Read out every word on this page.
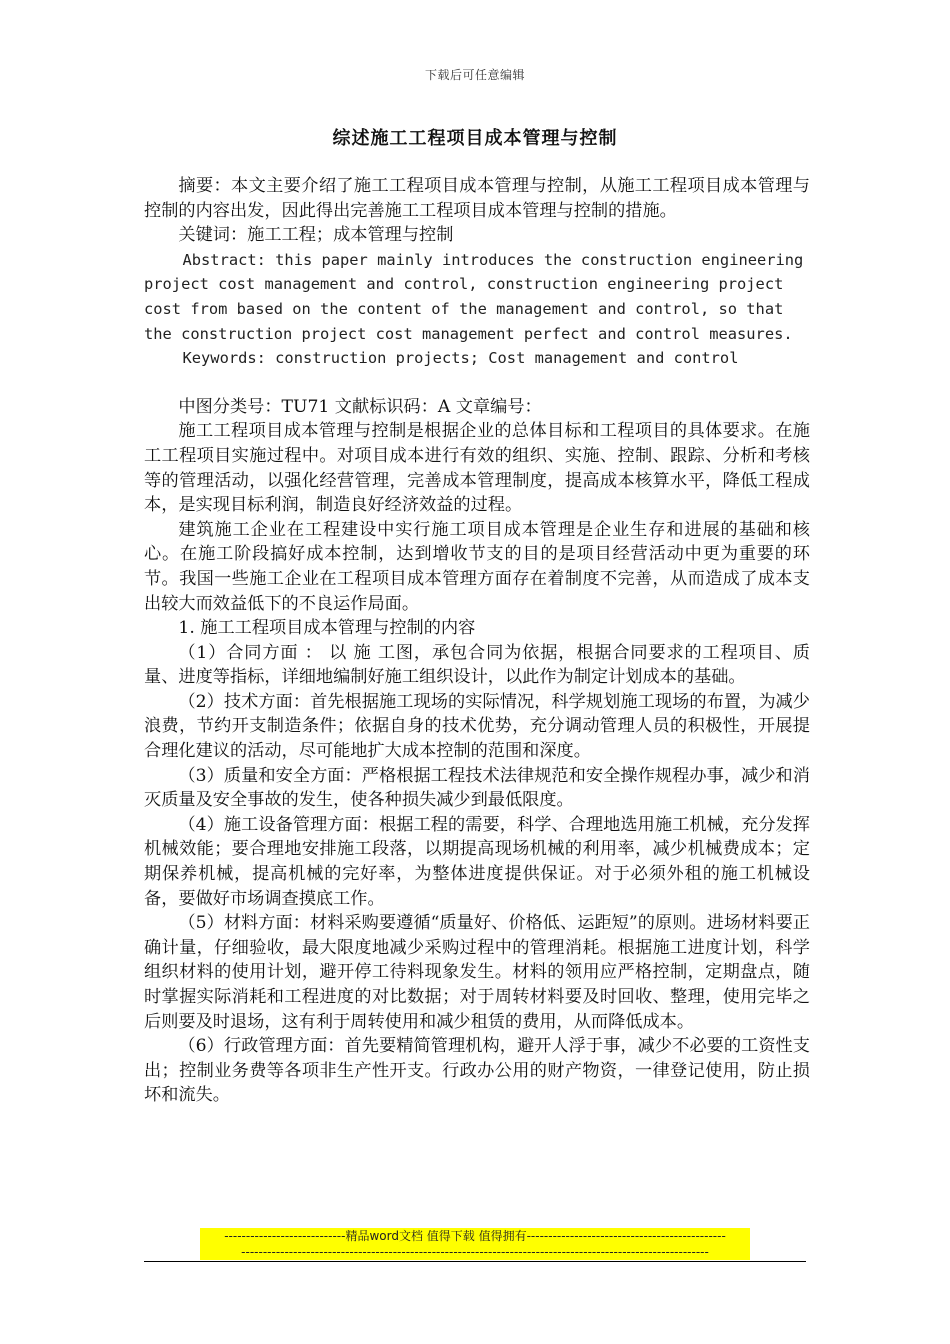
下载后可任意编辑
综述施工工程项目成本管理与控制

摘要：本文主要介绍了施工工程项目成本管理与控制，从施工工程项目成本管理与控制的内容出发，因此得出完善施工工程项目成本管理与控制的措施。

关键词：施工工程；成本管理与控制

Abstract: this paper mainly introduces the construction engineering project cost management and control, construction engineering project cost from based on the content of the management and control, so that the construction project cost management perfect and control measures.

Keywords: construction projects; Cost management and control

中图分类号：TU71 文献标识码：A 文章编号：

施工工程项目成本管理与控制是根据企业的总体目标和工程项目的具体要求。在施工工程项目实施过程中。对项目成本进行有效的组织、实施、控制、跟踪、分析和考核等的管理活动，以强化经营管理，完善成本管理制度，提高成本核算水平，降低工程成本，是实现目标利润，制造良好经济效益的过程。

建筑施工企业在工程建设中实行施工项目成本管理是企业生存和进展的基础和核心。在施工阶段搞好成本控制，达到增收节支的目的是项目经营活动中更为重要的环节。我国一些施工企业在工程项目成本管理方面存在着制度不完善，从而造成了成本支出较大而效益低下的不良运作局面。

1. 施工工程项目成本管理与控制的内容

（1）合同方面 ： 以 施 工图，承包合同为依据，根据合同要求的工程项目、质量、进度等指标，详细地编制好施工组织设计，以此作为制定计划成本的基础。

（2）技术方面：首先根据施工现场的实际情况，科学规划施工现场的布置，为减少浪费，节约开支制造条件；依据自身的技术优势，充分调动管理人员的积极性，开展提合理化建议的活动，尽可能地扩大成本控制的范围和深度。

（3）质量和安全方面：严格根据工程技术法律规范和安全操作规程办事，减少和消灭质量及安全事故的发生，使各种损失减少到最低限度。

（4）施工设备管理方面：根据工程的需要，科学、合理地选用施工机械，充分发挥机械效能；要合理地安排施工段落，以期提高现场机械的利用率，减少机械费成本；定期保养机械，提高机械的完好率，为整体进度提供保证。对于必须外租的施工机械设备，要做好市场调查摸底工作。

（5）材料方面：材料采购要遵循“质量好、价格低、运距短”的原则。进场材料要正确计量，仔细验收，最大限度地减少采购过程中的管理消耗。根据施工进度计划，科学组织材料的使用计划，避开停工待料现象发生。材料的领用应严格控制，定期盘点，随时掌握实际消耗和工程进度的对比数据；对于周转材料要及时回收、整理，使用完毕之后则要及时退场，这有利于周转使用和减少租赁的费用，从而降低成本。

（6）行政管理方面：首先要精简管理机构，避开人浮于事，减少不必要的工资性支出；控制业务费等各项非生产性开支。行政办公用的财产物资，一律登记使用，防止损坏和流失。

----------------------------精品word文档 值得下载 值得拥有----------------------------------------------
------------------------------------------------------------------------------------------------------------
